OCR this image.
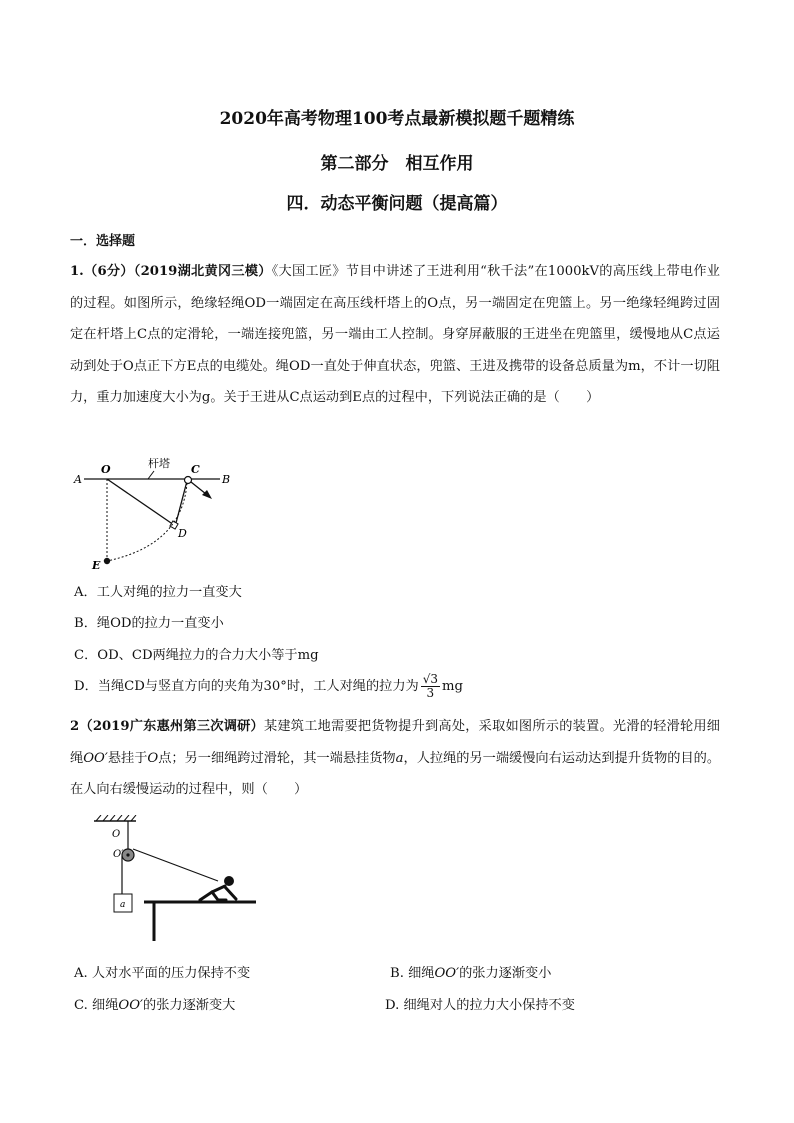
2020年高考物理100考点最新模拟题千题精练
第二部分　相互作用
四．动态平衡问题（提高篇）
一．选择题
1.（6分）（2019湖北黄冈三模）《大国工匠》节目中讲述了王进利用“秋千法”在1000kV的高压线上带电作业的过程。如图所示，绝缘轻绳OD一端固定在高压线杆塔上的O点，另一端固定在兜篮上。另一绝缘轻绳跨过固定在杆塔上C点的定滑轮，一端连接兜篮，另一端由工人控制。身穿屏蔽服的王进坐在兜篮里，缓慢地从C点运动到处于O点正下方E点的电缆处。绳OD一直处于伸直状态，兜篮、王进及携带的设备总质量为m，不计一切阻力，重力加速度大小为g。关于王进从C点运动到E点的过程中，下列说法正确的是（　　）
A
O	杆塔 C
B
D
E
A．工人对绳的拉力一直变大
B．绳OD的拉力一直变小
C．OD、CD两绳拉力的合力大小等于mg
D．当绳CD与竖直方向的夹角为30°时，工人对绳的拉力为 $\frac{√3}{3}$ mg
2（2019广东惠州第三次调研）某建筑工地需要把货物提升到高处，采取如图所示的装置。光滑的轻滑轮用细绳OO′悬挂于O点；另一细绳跨过滑轮，其一端悬挂货物a，人拉绳的另一端缓慢向右运动达到提升货物的目的。在人向右缓慢运动的过程中，则（　　）
O
O′
a
A. 人对水平面的压力保持不变	B. 细绳OO′的张力逐渐变小
C. 细绳OO′的张力逐渐变大	D. 细绳对人的拉力大小保持不变
